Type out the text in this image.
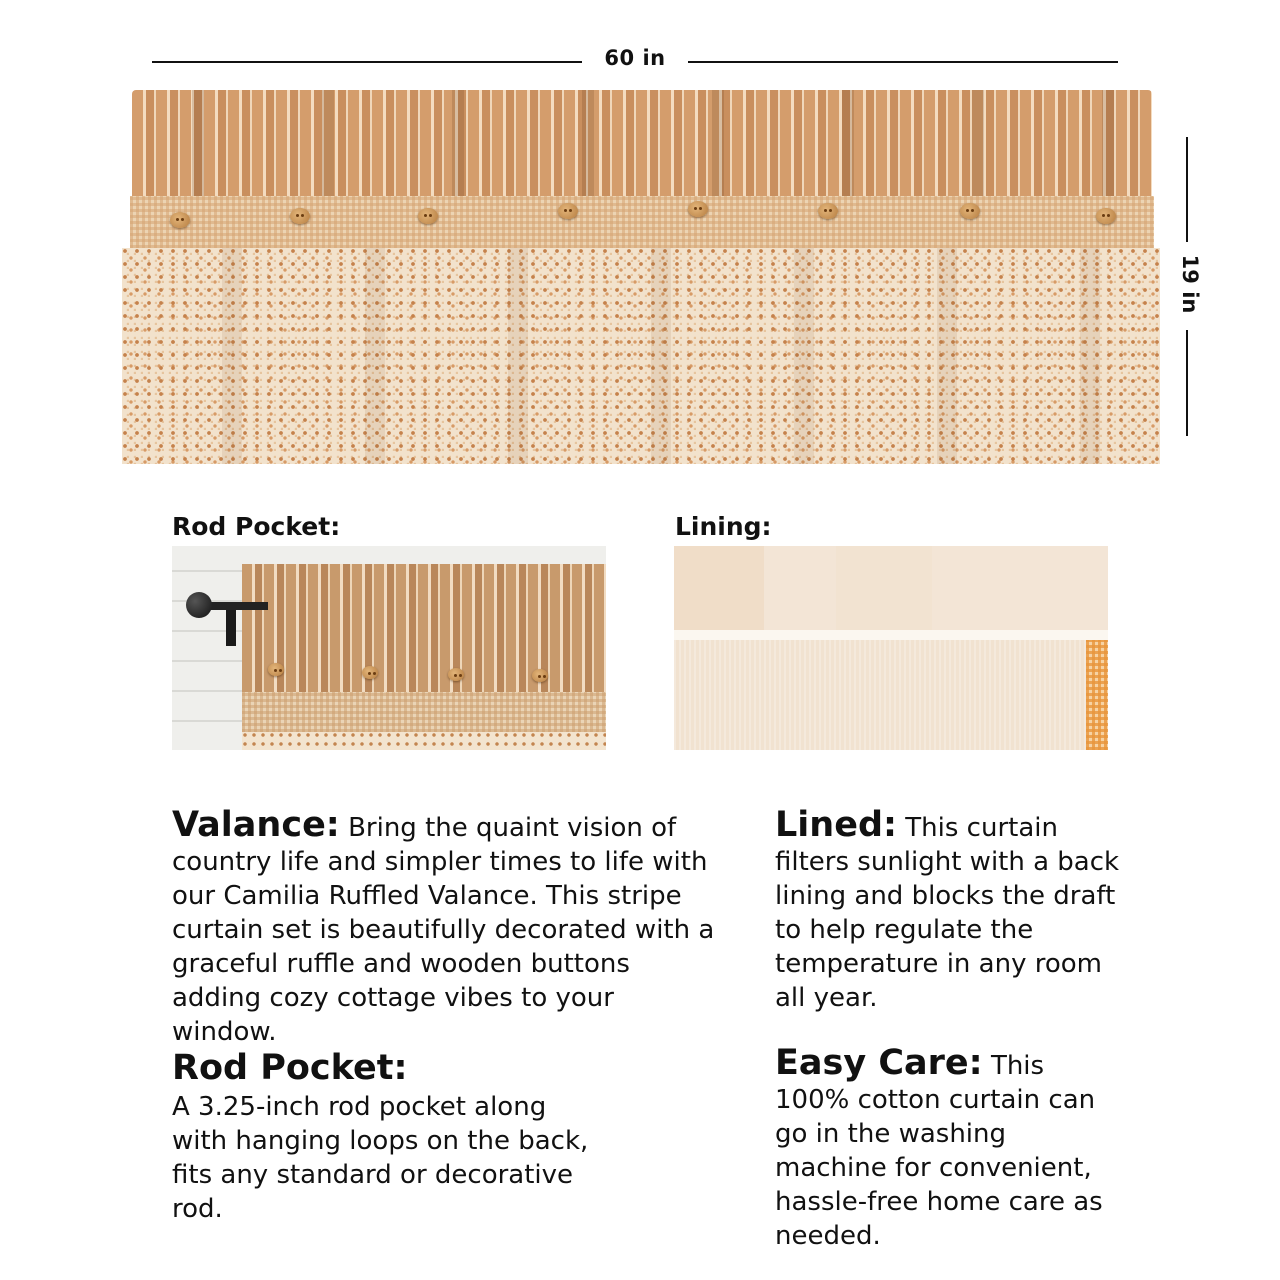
60 in
19 in
Rod Pocket:	Lining:
Valance: Bring the quaint vision of country life and simpler times to life with our Camilia Ruffled Valance. This stripe curtain set is beautifully decorated with a graceful ruffle and wooden buttons adding cozy cottage vibes to your window.
Lined: This curtain filters sunlight with a back lining and blocks the draft to help regulate the temperature in any room all year.
Rod Pocket:
A 3.25-inch rod pocket along with hanging loops on the back, fits any standard or decorative rod.
Easy Care: This 100% cotton curtain can go in the washing machine for convenient, hassle-free home care as needed.
